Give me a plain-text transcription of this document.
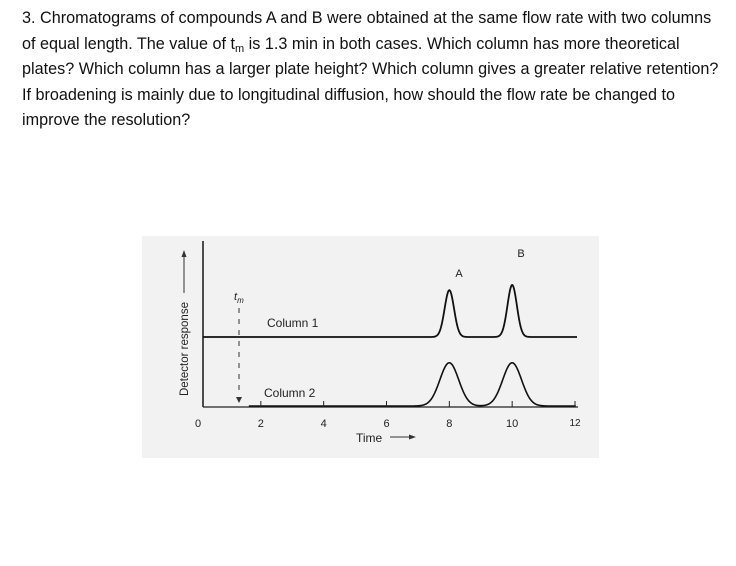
3. Chromatograms of compounds A and B were obtained at the same flow rate with two columns of equal length. The value of $t_m$ is 1.3 min in both cases. Which column has more theoretical plates? Which column has a larger plate height? Which column gives a greater relative retention? If broadening is mainly due to longitudinal diffusion, how should the flow rate be changed to improve the resolution?
Detector response
$t_m$
Column 1
Column 2
A
B
0	2	4	6	8	10	12
Time
